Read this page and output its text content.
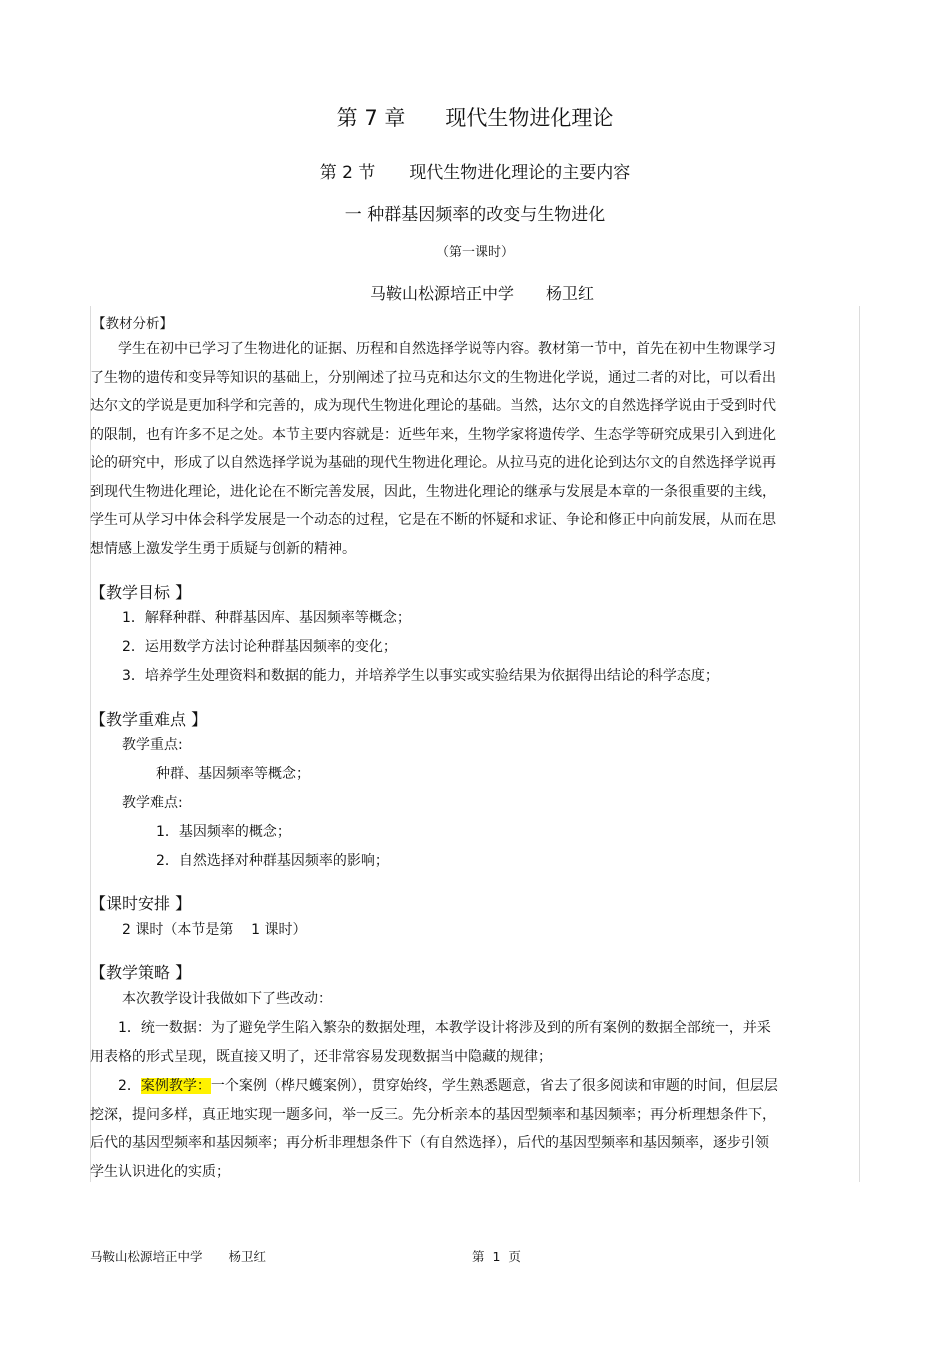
第 7 章 现代生物进化理论
第 2 节 现代生物进化理论的主要内容
一 种群基因频率的改变与生物进化
（第一课时）
马鞍山松源培正中学 杨卫红
【教材分析】
学生在初中已学习了生物进化的证据、历程和自然选择学说等内容。教材第一节中，首先在初中生物课学习了生物的遗传和变异等知识的基础上，分别阐述了拉马克和达尔文的生物进化学说，通过二者的对比，可以看出达尔文的学说是更加科学和完善的，成为现代生物进化理论的基础。当然，达尔文的自然选择学说由于受到时代的限制，也有许多不足之处。本节主要内容就是：近些年来，生物学家将遗传学、生态学等研究成果引入到进化论的研究中，形成了以自然选择学说为基础的现代生物进化理论。从拉马克的进化论到达尔文的自然选择学说再到现代生物进化理论，进化论在不断完善发展，因此，生物进化理论的继承与发展是本章的一条很重要的主线，学生可从学习中体会科学发展是一个动态的过程，它是在不断的怀疑和求证、争论和修正中向前发展，从而在思想情感上激发学生勇于质疑与创新的精神。
【教学目标 】
1．解释种群、种群基因库、基因频率等概念；
2．运用数学方法讨论种群基因频率的变化；
3．培养学生处理资料和数据的能力，并培养学生以事实或实验结果为依据得出结论的科学态度；
【教学重难点 】
教学重点:
种群、基因频率等概念；
教学难点:
1．基因频率的概念；
2．自然选择对种群基因频率的影响；
【课时安排 】
2 课时（本节是第    1 课时）
【教学策略 】
本次教学设计我做如下了些改动：
1．统一数据：为了避免学生陷入繁杂的数据处理，本教学设计将涉及到的所有案例的数据全部统一，并采用表格的形式呈现，既直接又明了，还非常容易发现数据当中隐藏的规律；
2．案例教学：一个案例（桦尺蠖案例），贯穿始终，学生熟悉题意，省去了很多阅读和审题的时间，但层层挖深，提问多样，真正地实现一题多问，举一反三。先分析亲本的基因型频率和基因频率；再分析理想条件下，后代的基因型频率和基因频率；再分析非理想条件下（有自然选择），后代的基因型频率和基因频率，逐步引领学生认识进化的实质；
马鞍山松源培正中学 杨卫红	第  1  页
